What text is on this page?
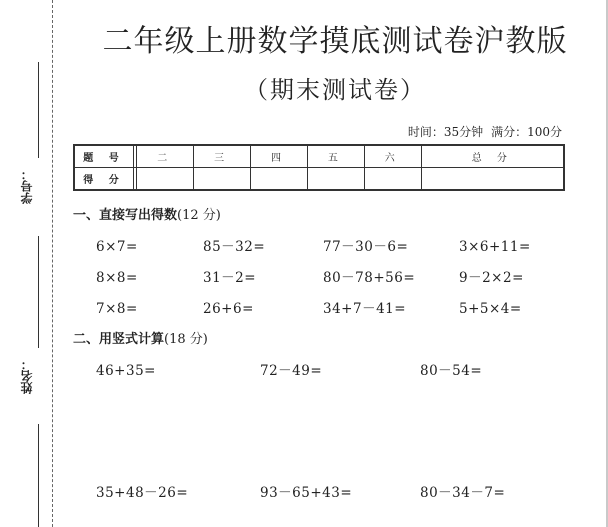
学号：
姓名：
二年级上册数学摸底测试卷沪教版
（期末测试卷）
时间：35分钟 满分：100分
题 号		二	三	四	五	六	总 分
得 分							
一、直接写出得数(12 分)
6×7=	85－32=	77－30－6=	3×6+11=
8×8=	31－2=	80－78+56=	9－2×2=
7×8=	26+6=	34+7－41=	5+5×4=
二、用竖式计算(18 分)
46+35=	72－49=	80－54=
35+48－26=	93－65+43=	80－34－7=
